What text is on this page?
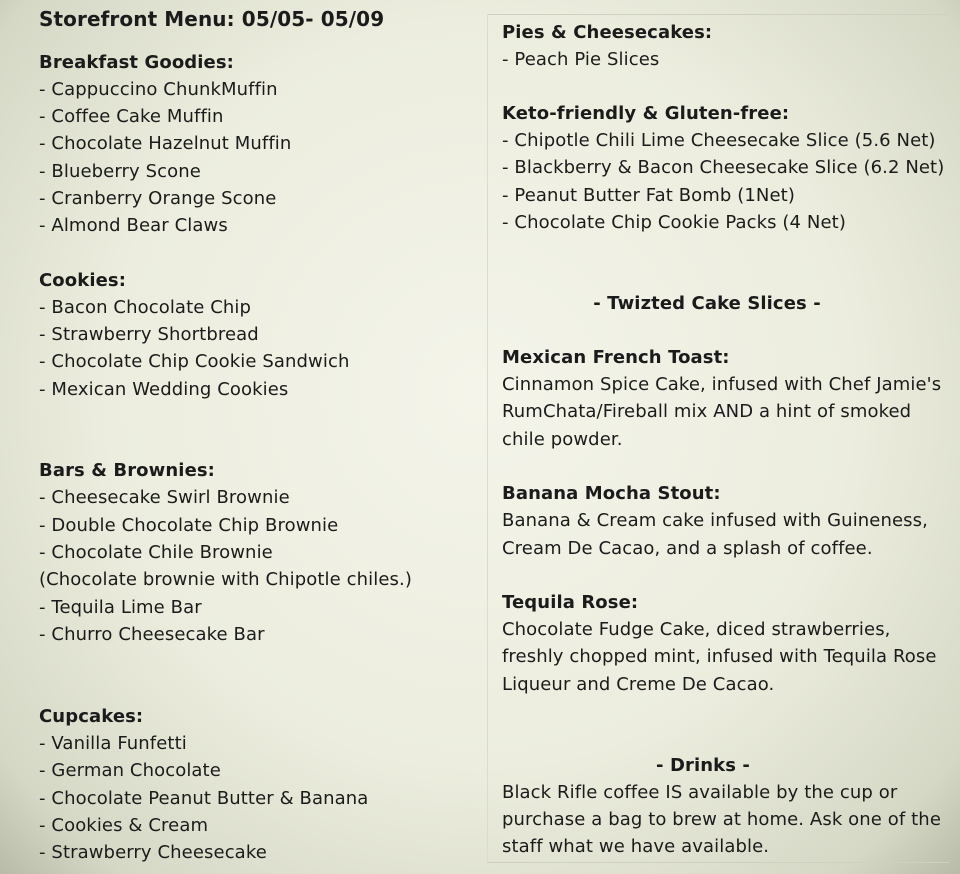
Storefront Menu: 05/05- 05/09
Breakfast Goodies:
- Cappuccino ChunkMuffin
- Coffee Cake Muffin
- Chocolate Hazelnut Muffin
- Blueberry Scone
- Cranberry Orange Scone
- Almond Bear Claws
Cookies:
- Bacon Chocolate Chip
- Strawberry Shortbread
- Chocolate Chip Cookie Sandwich
- Mexican Wedding Cookies
Bars & Brownies:
- Cheesecake Swirl Brownie
- Double Chocolate Chip Brownie
- Chocolate Chile Brownie
(Chocolate brownie with Chipotle chiles.)
- Tequila Lime Bar
- Churro Cheesecake Bar
Cupcakes:
- Vanilla Funfetti
- German Chocolate
- Chocolate Peanut Butter & Banana
- Cookies & Cream
- Strawberry Cheesecake
Pies & Cheesecakes:
- Peach Pie Slices
Keto-friendly & Gluten-free:
- Chipotle Chili Lime Cheesecake Slice (5.6 Net)
- Blackberry & Bacon Cheesecake Slice (6.2 Net)
- Peanut Butter Fat Bomb (1Net)
- Chocolate Chip Cookie Packs (4 Net)
- Twizted Cake Slices -
Mexican French Toast:
Cinnamon Spice Cake, infused with Chef Jamie's
RumChata/Fireball mix AND a hint of smoked
chile powder.
Banana Mocha Stout:
Banana & Cream cake infused with Guineness,
Cream De Cacao, and a splash of coffee.
Tequila Rose:
Chocolate Fudge Cake, diced strawberries,
freshly chopped mint, infused with Tequila Rose
Liqueur and Creme De Cacao.
- Drinks -
Black Rifle coffee IS available by the cup or
purchase a bag to brew at home. Ask one of the
staff what we have available.
